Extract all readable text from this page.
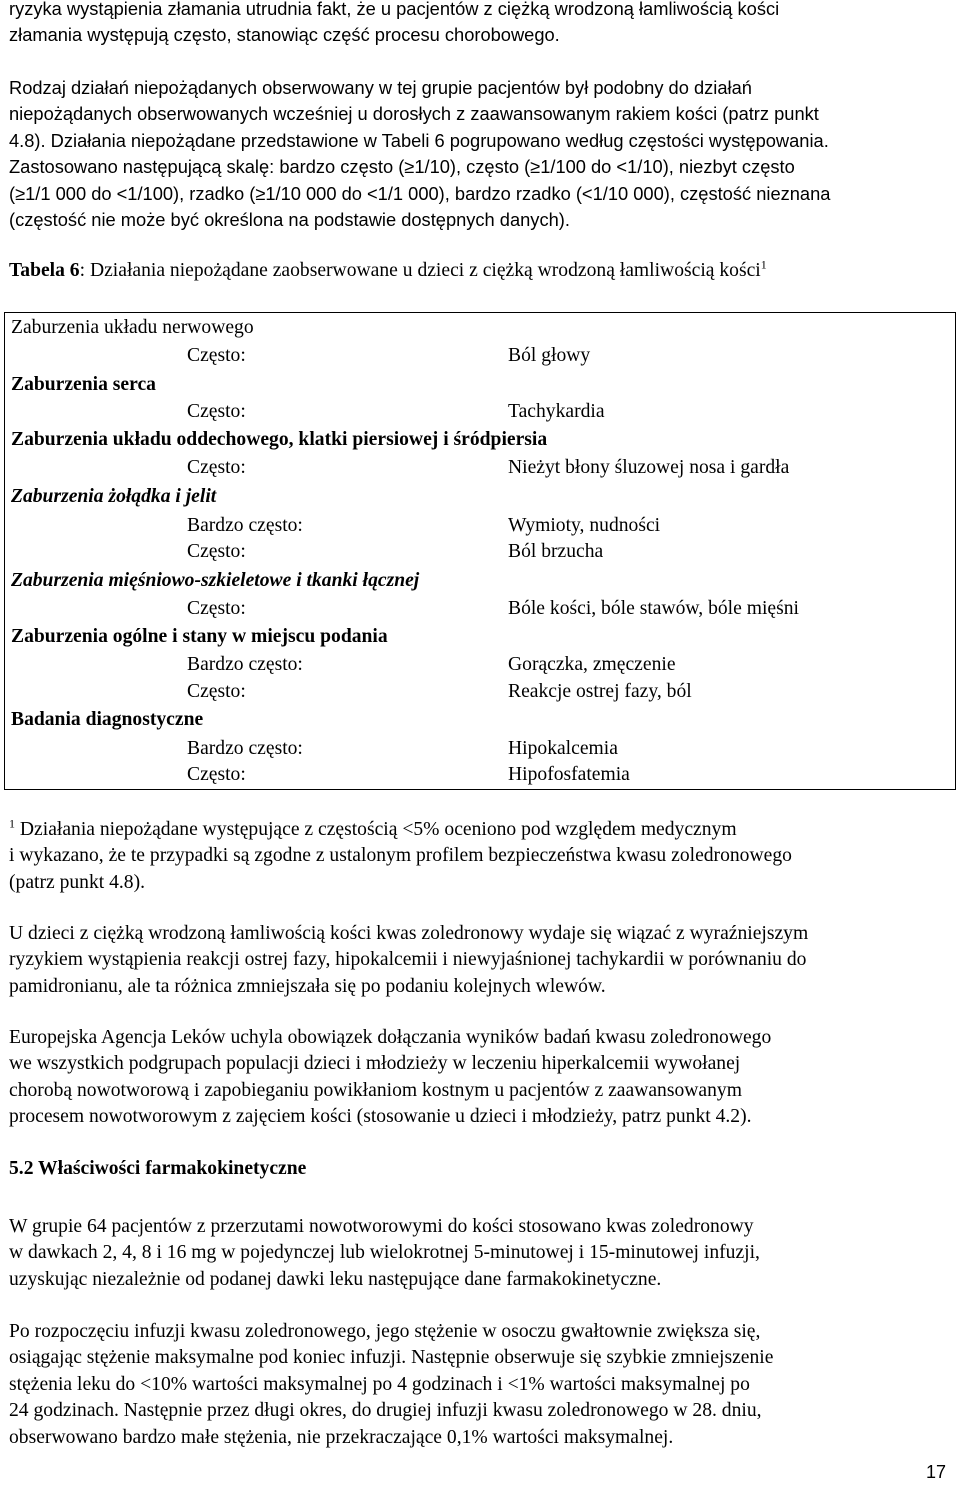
ryzyka wystąpienia złamania utrudnia fakt, że u pacjentów z ciężką wrodzoną łamliwością kości
złamania występują często, stanowiąc część procesu chorobowego.
Rodzaj działań niepożądanych obserwowany w tej grupie pacjentów był podobny do działań
niepożądanych obserwowanych wcześniej u dorosłych z zaawansowanym rakiem kości (patrz punkt
4.8). Działania niepożądane przedstawione w Tabeli 6 pogrupowano według częstości występowania.
Zastosowano następującą skalę: bardzo często (≥1/10), często (≥1/100 do <1/10), niezbyt często
(≥1/1 000 do <1/100), rzadko (≥1/10 000 do <1/1 000), bardzo rzadko (<1/10 000), częstość nieznana
(częstość nie może być określona na podstawie dostępnych danych).
Tabela 6: Działania niepożądane zaobserwowane u dzieci z ciężką wrodzoną łamliwością kości$^1$
Zaburzenia układu nerwowego
Często:	Ból głowy
Zaburzenia serca
Często:	Tachykardia
Zaburzenia układu oddechowego, klatki piersiowej i śródpiersia
Często:	Nieżyt błony śluzowej nosa i gardła
Zaburzenia żołądka i jelit
Bardzo często:	Wymioty, nudności
Często:	Ból brzucha
Zaburzenia mięśniowo-szkieletowe i tkanki łącznej
Często:	Bóle kości, bóle stawów, bóle mięśni
Zaburzenia ogólne i stany w miejscu podania
Bardzo często:	Gorączka, zmęczenie
Często:	Reakcje ostrej fazy, ból
Badania diagnostyczne
Bardzo często:	Hipokalcemia
Często:	Hipofosfatemia
$^1$ Działania niepożądane występujące z częstością <5% oceniono pod względem medycznym
i wykazano, że te przypadki są zgodne z ustalonym profilem bezpieczeństwa kwasu zoledronowego
(patrz punkt 4.8).
U dzieci z ciężką wrodzoną łamliwością kości kwas zoledronowy wydaje się wiązać z wyraźniejszym
ryzykiem wystąpienia reakcji ostrej fazy, hipokalcemii i niewyjaśnionej tachykardii w porównaniu do
pamidronianu, ale ta różnica zmniejszała się po podaniu kolejnych wlewów.
Europejska Agencja Leków uchyla obowiązek dołączania wyników badań kwasu zoledronowego
we wszystkich podgrupach populacji dzieci i młodzieży w leczeniu hiperkalcemii wywołanej
chorobą nowotworową i zapobieganiu powikłaniom kostnym u pacjentów z zaawansowanym
procesem nowotworowym z zajęciem kości (stosowanie u dzieci i młodzieży, patrz punkt 4.2).
5.2 Właściwości farmakokinetyczne
W grupie 64 pacjentów z przerzutami nowotworowymi do kości stosowano kwas zoledronowy
w dawkach 2, 4, 8 i 16 mg w pojedynczej lub wielokrotnej 5-minutowej i 15-minutowej infuzji,
uzyskując niezależnie od podanej dawki leku następujące dane farmakokinetyczne.
Po rozpoczęciu infuzji kwasu zoledronowego, jego stężenie w osoczu gwałtownie zwiększa się,
osiągając stężenie maksymalne pod koniec infuzji. Następnie obserwuje się szybkie zmniejszenie
stężenia leku do <10% wartości maksymalnej po 4 godzinach i <1% wartości maksymalnej po
24 godzinach. Następnie przez długi okres, do drugiej infuzji kwasu zoledronowego w 28. dniu,
obserwowano bardzo małe stężenia, nie przekraczające 0,1% wartości maksymalnej.
17
